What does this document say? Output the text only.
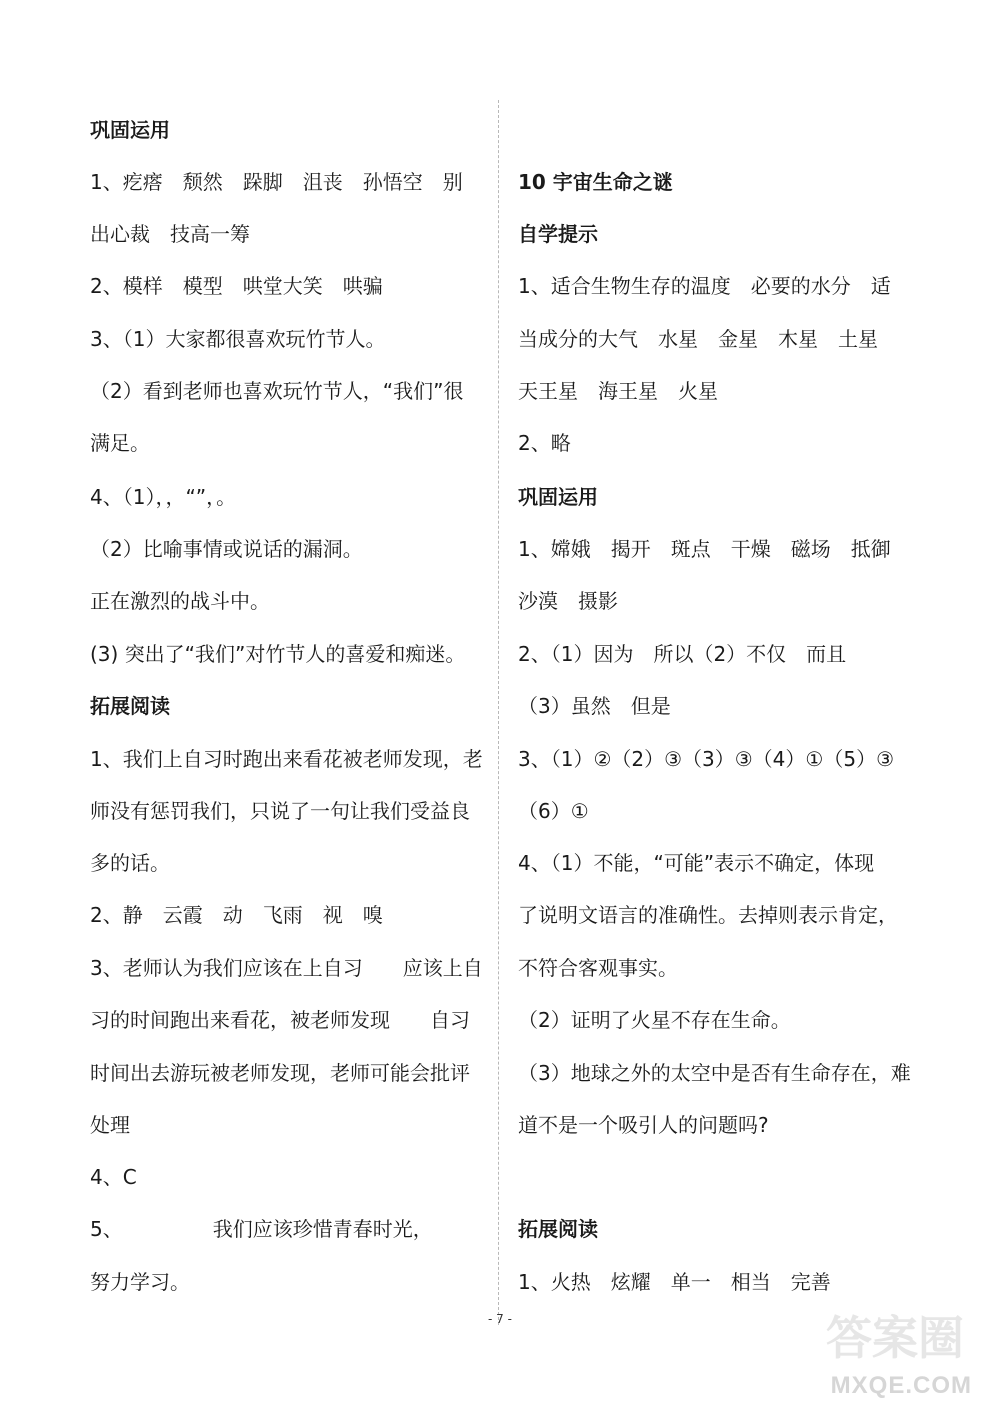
巩固运用
1、疙瘩　颓然　跺脚　沮丧　孙悟空　别
出心裁　技高一筹
2、模样　模型　哄堂大笑　哄骗
3、（1）大家都很喜欢玩竹节人。
（2）看到老师也喜欢玩竹节人，“我们”很
满足。
4、（1），，“”，。
（2）比喻事情或说话的漏洞。
正在激烈的战斗中。
(3) 突出了“我们”对竹节人的喜爱和痴迷。
拓展阅读
1、我们上自习时跑出来看花被老师发现，老
师没有惩罚我们，只说了一句让我们受益良
多的话。
2、静　云霞　动　飞雨　视　嗅
3、老师认为我们应该在上自习　　应该上自
习的时间跑出来看花，被老师发现　　自习
时间出去游玩被老师发现，老师可能会批评
处理
4、C
5、　　　　　我们应该珍惜青春时光，
努力学习。
10 宇宙生命之谜
自学提示
1、适合生物生存的温度　必要的水分　适
当成分的大气　水星　金星　木星　土星
天王星　海王星　火星
2、略
巩固运用
1、嫦娥　揭开　斑点　干燥　磁场　抵御
沙漠　摄影
2、（1）因为　所以（2）不仅　而且
（3）虽然　但是
3、（1）②（2）③（3）③（4）①（5）③
（6）①
4、（1）不能，“可能”表示不确定，体现
了说明文语言的准确性。去掉则表示肯定，
不符合客观事实。
（2）证明了火星不存在生命。
（3）地球之外的太空中是否有生命存在，难
道不是一个吸引人的问题吗?
拓展阅读
1、火热　炫耀　单一　相当　完善
- 7 -	答案圈
MXQE.COM
